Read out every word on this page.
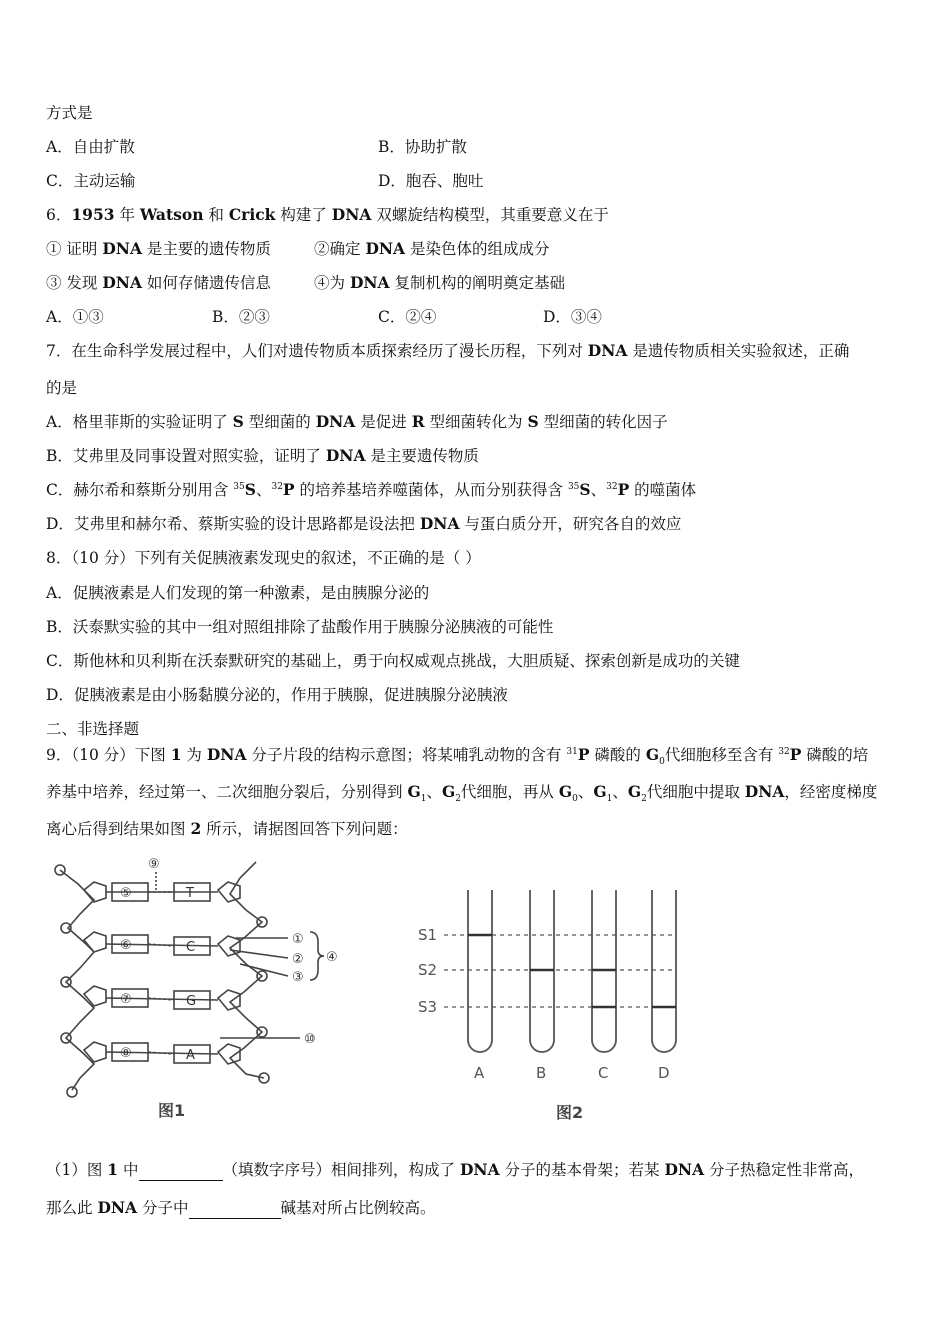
方式是
A．自由扩散	B．协助扩散
C．主动运输	D．胞吞、胞吐
6．1953 年 Watson 和 Crick 构建了 DNA 双螺旋结构模型，其重要意义在于
① 证明 DNA 是主要的遗传物质	②确定 DNA 是染色体的组成成分
③ 发现 DNA 如何存储遗传信息	④为 DNA 复制机构的阐明奠定基础
A．①③	B．②③	C．②④	D．③④
7．在生命科学发展过程中，人们对遗传物质本质探索经历了漫长历程，下列对 DNA 是遗传物质相关实验叙述，正确
的是
A．格里菲斯的实验证明了 S 型细菌的 DNA 是促进 R 型细菌转化为 S 型细菌的转化因子
B．艾弗里及同事设置对照实验，证明了 DNA 是主要遗传物质
C．赫尔希和蔡斯分别用含 $^{35}$S、$^{32}$P 的培养基培养噬菌体，从而分别获得含 $^{35}$S、$^{32}$P 的噬菌体
D．艾弗里和赫尔希、蔡斯实验的设计思路都是设法把 DNA 与蛋白质分开，研究各自的效应
8．（10 分）下列有关促胰液素发现史的叙述，不正确的是（ ）
A．促胰液素是人们发现的第一种激素，是由胰腺分泌的
B．沃泰默实验的其中一组对照组排除了盐酸作用于胰腺分泌胰液的可能性
C．斯他林和贝利斯在沃泰默研究的基础上，勇于向权威观点挑战，大胆质疑、探索创新是成功的关键
D．促胰液素是由小肠黏膜分泌的，作用于胰腺，促进胰腺分泌胰液
二、非选择题
9．（10 分）下图 1 为 DNA 分子片段的结构示意图；将某哺乳动物的含有 $^{31}$P 磷酸的 $G_0$代细胞移至含有 $^{32}$P 磷酸的培
养基中培养，经过第一、二次细胞分裂后，分别得到 $G_1$、$G_2$代细胞，再从 $G_0$、$G_1$、$G_2$代细胞中提取 DNA，经密度梯度
离心后得到结果如图 2 所示，请据图回答下列问题：
⑤
⑥
⑦
⑧
T
C
G
A
⑨
①
②
③
④
⑩
图1
S1
S2
S3
A	B	C	D
图2
（1）图 1 中	（填数字序号）相间排列，构成了 DNA 分子的基本骨架；若某 DNA 分子热稳定性非常高，
那么此 DNA 分子中	碱基对所占比例较高。
